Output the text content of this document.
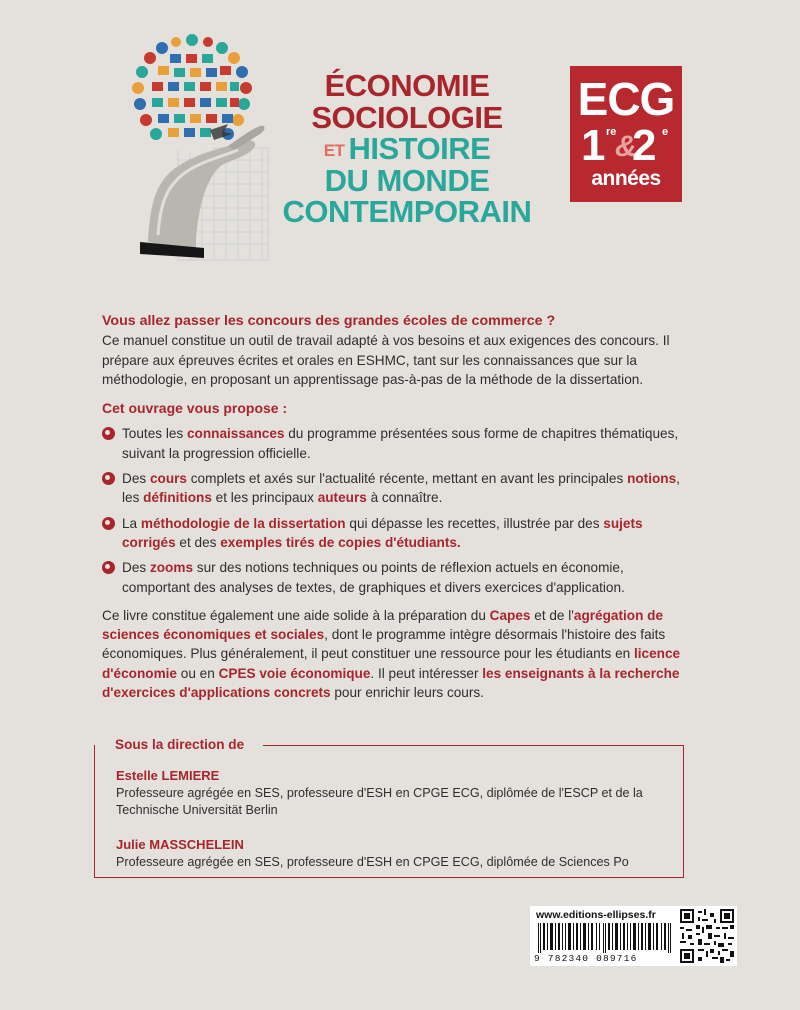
ÉCONOMIE
SOCIOLOGIE
ET HISTOIRE
DU MONDE
CONTEMPORAIN
ECG
1 re
&
2 e
années
Vous allez passer les concours des grandes écoles de commerce ?
Ce manuel constitue un outil de travail adapté à vos besoins et aux exigences des concours. Il prépare aux épreuves écrites et orales en ESHMC, tant sur les connaissances que sur la méthodologie, en proposant un apprentissage pas-à-pas de la méthode de la dissertation.
Cet ouvrage vous propose :
Toutes les connaissances du programme présentées sous forme de chapitres thématiques, suivant la progression officielle.
Des cours complets et axés sur l'actualité récente, mettant en avant les principales notions, les définitions et les principaux auteurs à connaître.
La méthodologie de la dissertation qui dépasse les recettes, illustrée par des sujets corrigés et des exemples tirés de copies d'étudiants.
Des zooms sur des notions techniques ou points de réflexion actuels en économie, comportant des analyses de textes, de graphiques et divers exercices d'application.
Ce livre constitue également une aide solide à la préparation du Capes et de l'agrégation de sciences économiques et sociales, dont le programme intègre désormais l'histoire des faits économiques. Plus généralement, il peut constituer une ressource pour les étudiants en licence d'économie ou en CPES voie économique. Il peut intéresser les enseignants à la recherche d'exercices d'applications concrets pour enrichir leurs cours.
Sous la direction de
Estelle LEMIERE
Professeure agrégée en SES, professeure d'ESH en CPGE ECG, diplômée de l'ESCP et de la Technische Universität Berlin
Julie MASSCHELEIN
Professeure agrégée en SES, professeure d'ESH en CPGE ECG, diplômée de Sciences Po
www.editions-ellipses.fr
9 782340 089716
